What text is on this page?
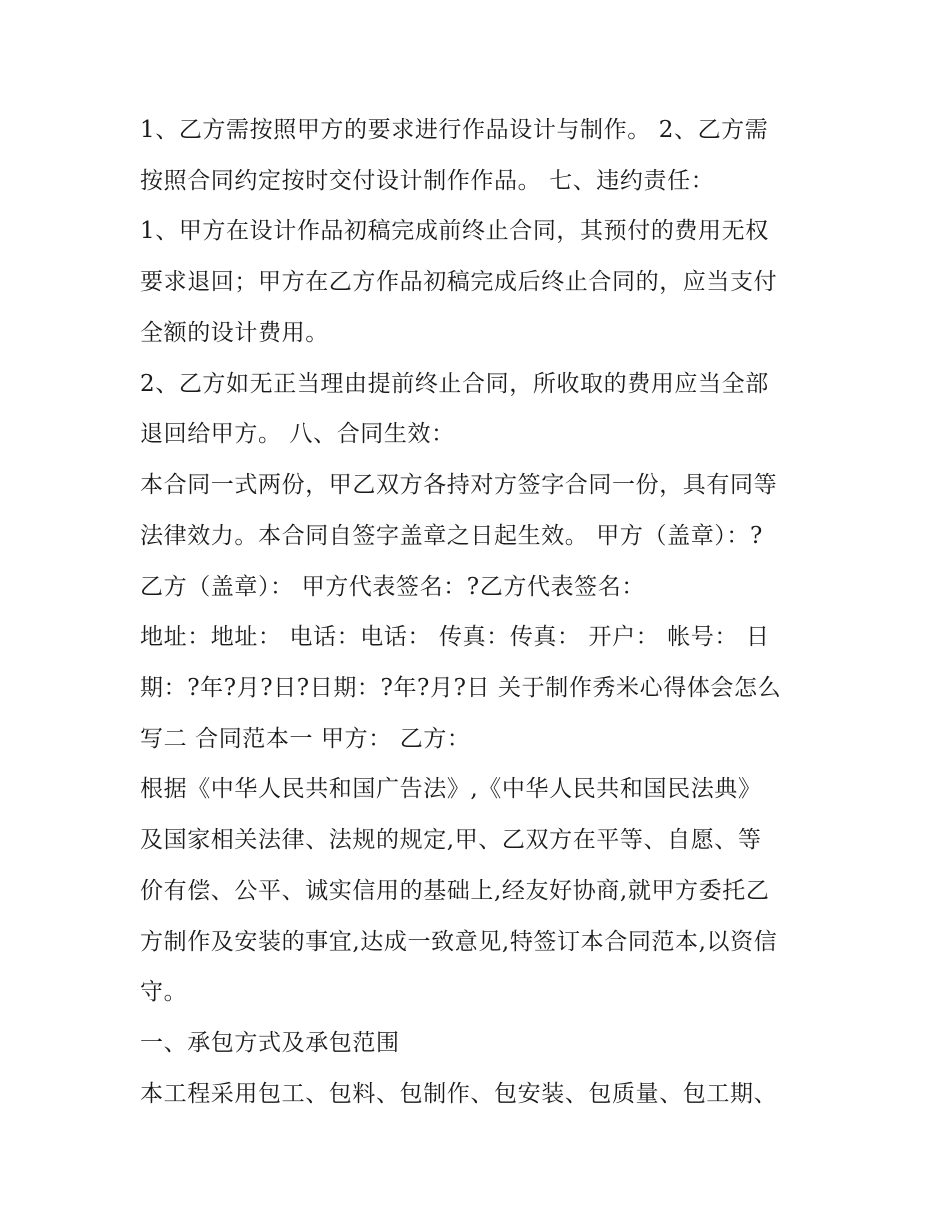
1、乙方需按照甲方的要求进行作品设计与制作。 2、乙方需
按照合同约定按时交付设计制作作品。 七、违约责任：
1、甲方在设计作品初稿完成前终止合同，其预付的费用无权
要求退回；甲方在乙方作品初稿完成后终止合同的，应当支付
全额的设计费用。
2、乙方如无正当理由提前终止合同，所收取的费用应当全部
退回给甲方。 八、合同生效：
本合同一式两份，甲乙双方各持对方签字合同一份，具有同等
法律效力。本合同自签字盖章之日起生效。 甲方（盖章）：?
乙方（盖章）： 甲方代表签名：?乙方代表签名：
地址：地址： 电话：电话： 传真：传真： 开户： 帐号： 日
期：?年?月?日?日期：?年?月?日 关于制作秀米心得体会怎么
写二 合同范本一 甲方： 乙方：
根据《中华人民共和国广告法》,《中华人民共和国民法典》
及国家相关法律、法规的规定,甲、乙双方在平等、自愿、等
价有偿、公平、诚实信用的基础上,经友好协商,就甲方委托乙
方制作及安装的事宜,达成一致意见,特签订本合同范本,以资信
守。
一、承包方式及承包范围
本工程采用包工、包料、包制作、包安装、包质量、包工期、
